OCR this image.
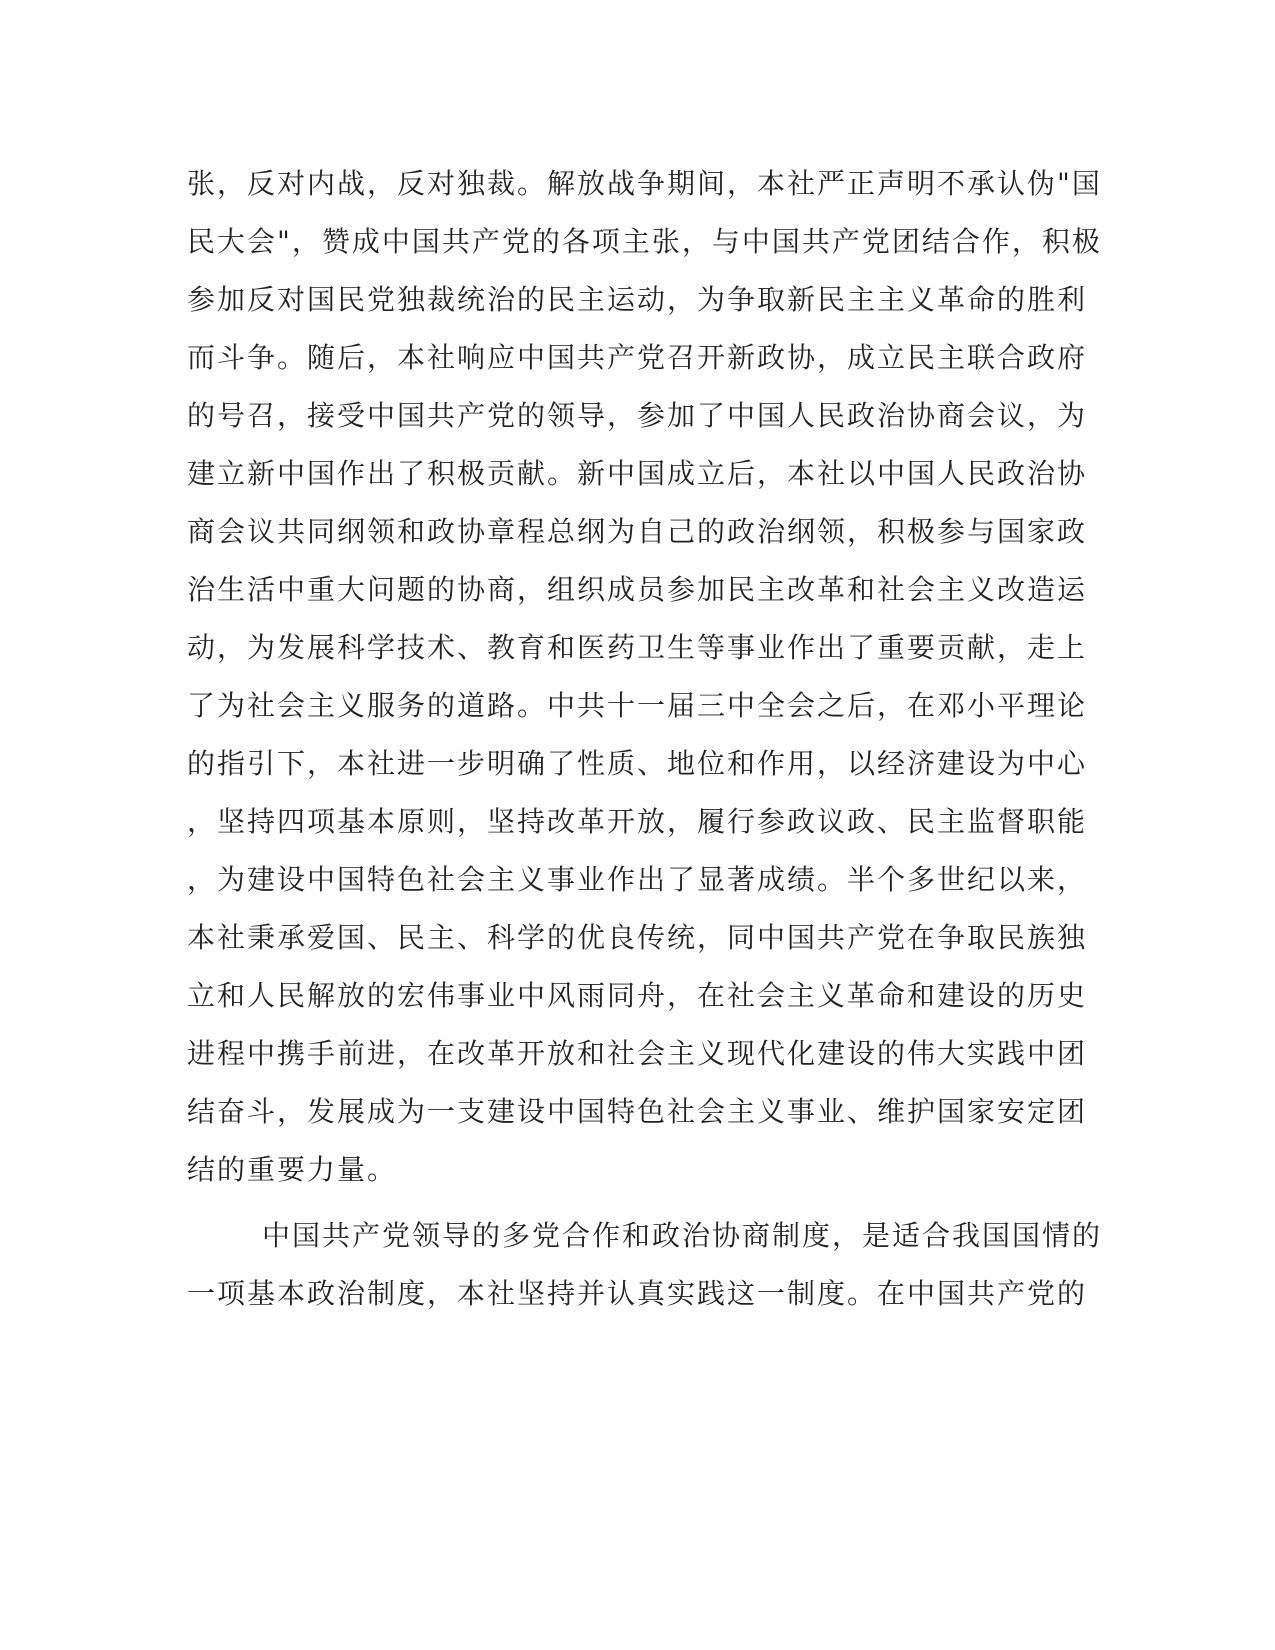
张，反对内战，反对独裁。解放战争期间，本社严正声明不承认伪"国
民大会"，赞成中国共产党的各项主张，与中国共产党团结合作，积极
参加反对国民党独裁统治的民主运动，为争取新民主主义革命的胜利
而斗争。随后，本社响应中国共产党召开新政协，成立民主联合政府
的号召，接受中国共产党的领导，参加了中国人民政治协商会议，为
建立新中国作出了积极贡献。新中国成立后，本社以中国人民政治协
商会议共同纲领和政协章程总纲为自己的政治纲领，积极参与国家政
治生活中重大问题的协商，组织成员参加民主改革和社会主义改造运
动，为发展科学技术、教育和医药卫生等事业作出了重要贡献，走上
了为社会主义服务的道路。中共十一届三中全会之后，在邓小平理论
的指引下，本社进一步明确了性质、地位和作用，以经济建设为中心
，坚持四项基本原则，坚持改革开放，履行参政议政、民主监督职能
，为建设中国特色社会主义事业作出了显著成绩。半个多世纪以来，
本社秉承爱国、民主、科学的优良传统，同中国共产党在争取民族独
立和人民解放的宏伟事业中风雨同舟，在社会主义革命和建设的历史
进程中携手前进，在改革开放和社会主义现代化建设的伟大实践中团
结奋斗，发展成为一支建设中国特色社会主义事业、维护国家安定团
结的重要力量。
中国共产党领导的多党合作和政治协商制度，是适合我国国情的
一项基本政治制度，本社坚持并认真实践这一制度。在中国共产党的
